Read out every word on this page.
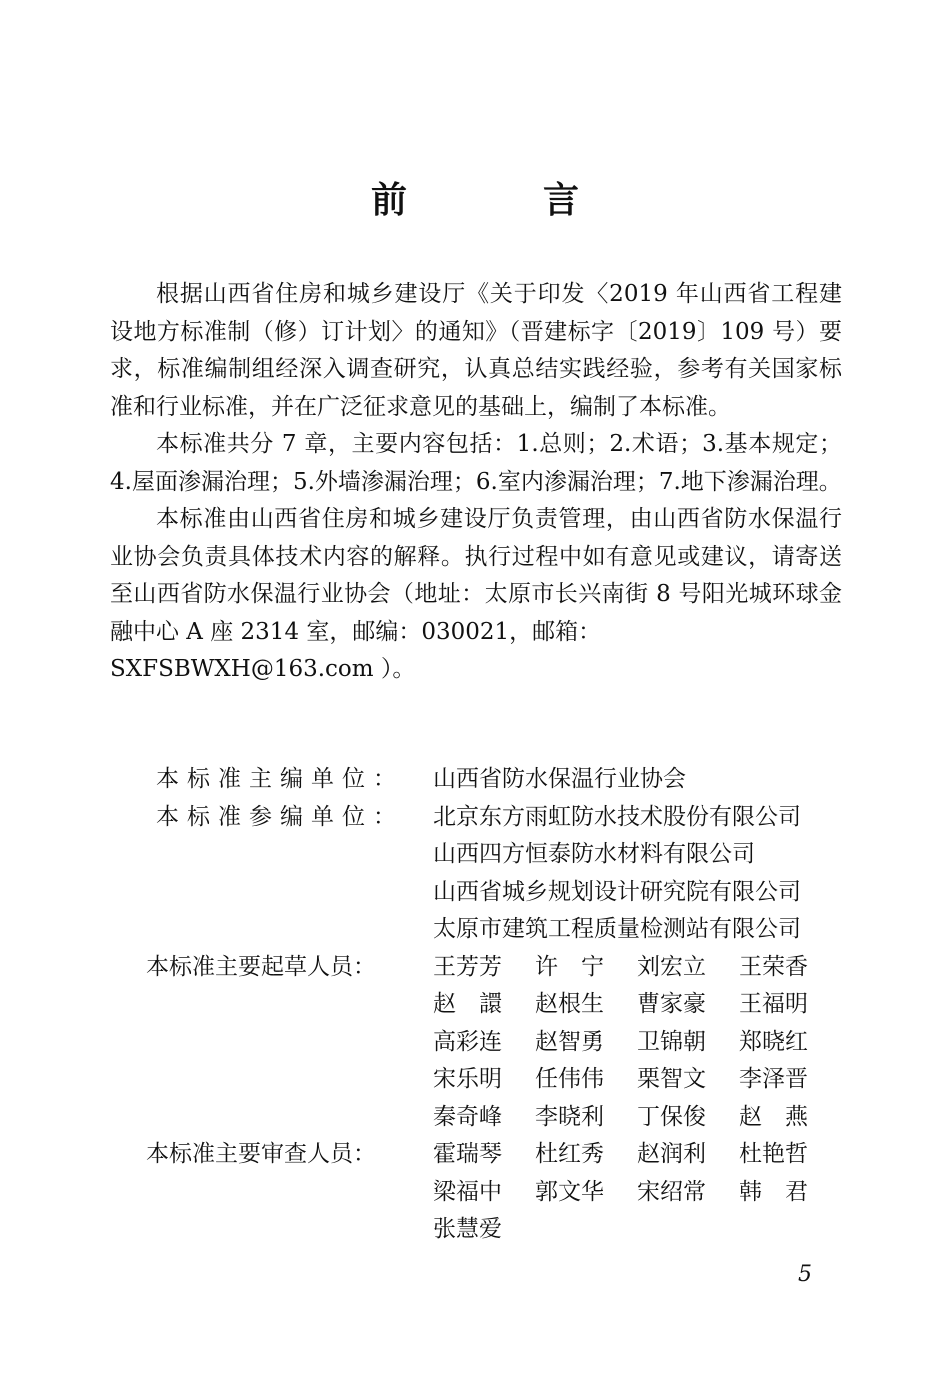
前　言

根据山西省住房和城乡建设厅《关于印发〈2019 年山西省工程建设地方标准制（修）订计划〉的通知》（晋建标字〔2019〕109 号）要求，标准编制组经深入调查研究，认真总结实践经验，参考有关国家标准和行业标准，并在广泛征求意见的基础上，编制了本标准。

本标准共分 7 章，主要内容包括：1.总则；2.术语；3.基本规定；4.屋面渗漏治理；5.外墙渗漏治理；6.室内渗漏治理；7.地下渗漏治理。

本标准由山西省住房和城乡建设厅负责管理，由山西省防水保温行业协会负责具体技术内容的解释。执行过程中如有意见或建议，请寄送至山西省防水保温行业协会（地址：太原市长兴南街 8 号阳光城环球金融中心 A 座 2314 室，邮编：030021，邮箱：

SXFSBWXH@163.com ）。

本标准主编单位：	山西省防水保温行业协会
本标准参编单位：	北京东方雨虹防水技术股份有限公司
山西四方恒泰防水材料有限公司
山西省城乡规划设计研究院有限公司
太原市建筑工程质量检测站有限公司
本标准主要起草人员：	王芳芳	许　宁	刘宏立	王荣香
赵　譞	赵根生	曹家豪	王福明
高彩连	赵智勇	卫锦朝	郑晓红
宋乐明	任伟伟	栗智文	李泽晋
秦奇峰	李晓利	丁保俊	赵　燕
本标准主要审查人员：	霍瑞琴	杜红秀	赵润利	杜艳哲
梁福中	郭文华	宋绍常	韩　君
张慧爱
5
